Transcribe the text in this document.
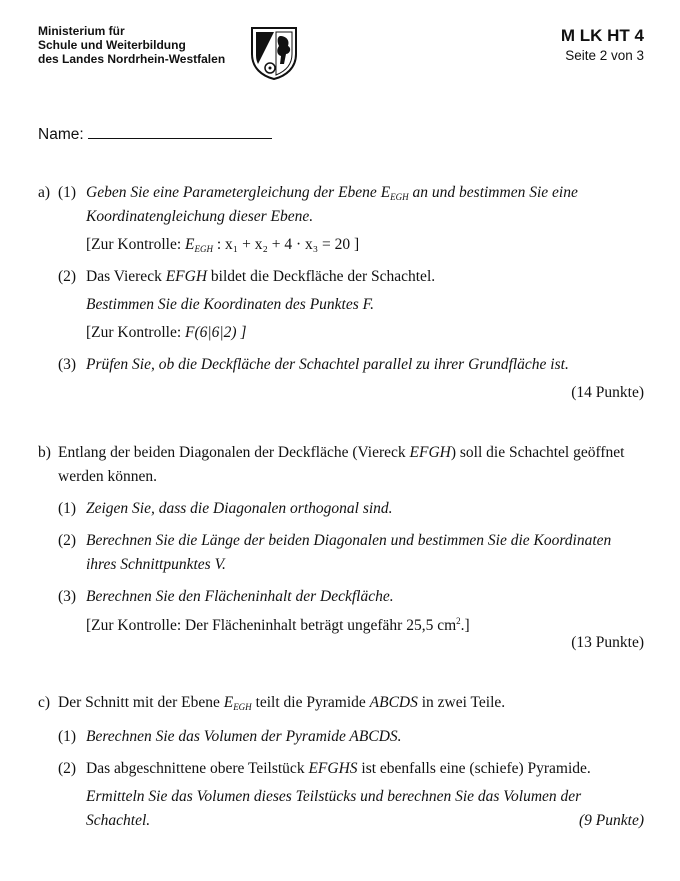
Ministerium für
Schule und Weiterbildung
des Landes Nordrhein-Westfalen
M LK HT 4
Seite 2 von 3
Name:
a) (1) Geben Sie eine Parametergleichung der Ebene $E_{EGH}$ an und bestimmen Sie eine
Koordinatengleichung dieser Ebene.
[Zur Kontrolle: $E_{EGH}$ : x₁ + x₂ + 4 · x₃ = 20 ]
(2) Das Viereck EFGH bildet die Deckfläche der Schachtel.
Bestimmen Sie die Koordinaten des Punktes F.
[Zur Kontrolle: F(6|6|2) ]
(3) Prüfen Sie, ob die Deckfläche der Schachtel parallel zu ihrer Grundfläche ist.
(14 Punkte)
b) Entlang der beiden Diagonalen der Deckfläche (Viereck EFGH) soll die Schachtel geöffnet
werden können.
(1) Zeigen Sie, dass die Diagonalen orthogonal sind.
(2) Berechnen Sie die Länge der beiden Diagonalen und bestimmen Sie die Koordinaten
ihres Schnittpunktes V.
(3) Berechnen Sie den Flächeninhalt der Deckfläche.
[Zur Kontrolle: Der Flächeninhalt beträgt ungefähr 25,5 $cm^2$.]
(13 Punkte)
c) Der Schnitt mit der Ebene $E_{EGH}$ teilt die Pyramide ABCDS in zwei Teile.
(1) Berechnen Sie das Volumen der Pyramide ABCDS.
(2) Das abgeschnittene obere Teilstück EFGHS ist ebenfalls eine (schiefe) Pyramide.
Ermitteln Sie das Volumen dieses Teilstücks und berechnen Sie das Volumen der
Schachtel.	(9 Punkte)
